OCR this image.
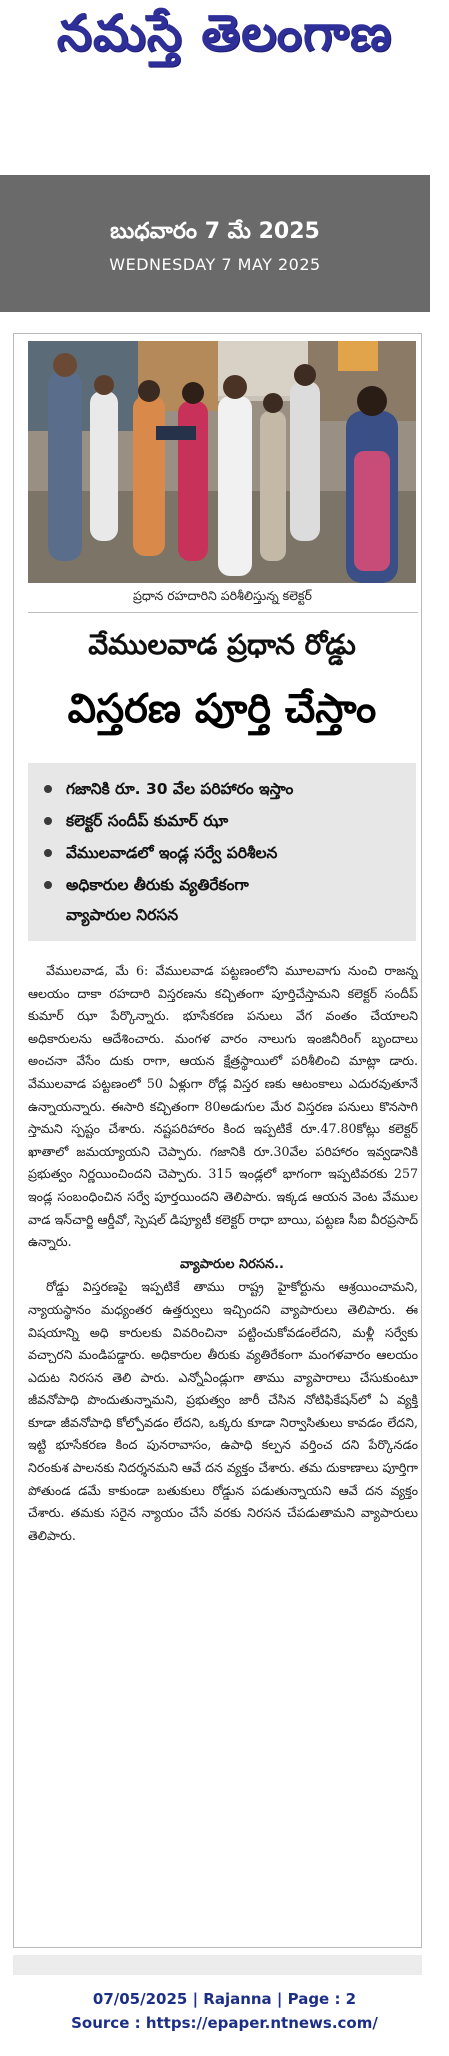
నమస్తే తెలంగాణ
బుధవారం 7 మే 2025
WEDNESDAY 7 MAY 2025
ప్రధాన రహదారిని పరిశీలిస్తున్న కలెక్టర్
వేములవాడ ప్రధాన రోడ్డు
విస్తరణ పూర్తి చేస్తాం
గజానికి రూ. 30 వేల పరిహారం ఇస్తాం
కలెక్టర్ సందీప్ కుమార్ ఝా
వేములవాడలో ఇండ్ల సర్వే పరిశీలన
అధికారుల తీరుకు వ్యతిరేకంగా
వ్యాపారుల నిరసన

వేములవాడ, మే 6: వేములవాడ పట్టణంలోని మూలవాగు నుంచి రాజన్న ఆలయం దాకా రహదారి విస్తరణను కచ్చితంగా పూర్తిచేస్తామని కలెక్టర్ సందీప్ కుమార్ ఝా పేర్కొన్నారు. భూసేకరణ పనులు వేగ వంతం చేయాలని అధికారులను ఆదేశించారు. మంగళ వారం నాలుగు ఇంజినీరింగ్ బృందాలు అంచనా వేసేం దుకు రాగా, ఆయన క్షేత్రస్థాయిలో పరిశీలించి మాట్లా డారు. వేములవాడ పట్టణంలో 50 ఏళ్లుగా రోడ్ల విస్తర ణకు ఆటంకాలు ఎదురవుతూనే ఉన్నాయన్నారు. ఈసారి కచ్చితంగా 80అడుగుల మేర విస్తరణ పనులు కొనసాగి స్తామని స్పష్టం చేశారు. నష్టపరిహారం కింద ఇప్పటికే రూ.47.80కోట్లు కలెక్టర్ ఖాతాలో జమయ్యాయని చెప్పారు. గజానికి రూ.30వేల పరిహారం ఇవ్వడానికి ప్రభుత్వం నిర్ణయించిందని చెప్పారు. 315 ఇండ్లలో భాగంగా ఇప్పటివరకు 257 ఇండ్ల సంబంధించిన సర్వే పూర్తయిందని తెలిపారు. ఇక్కడ ఆయన వెంట వేముల వాడ ఇన్‌చార్జి ఆర్డీవో, స్పెషల్ డిప్యూటీ కలెక్టర్ రాధా బాయి, పట్టణ సీఐ వీరప్రసాద్ ఉన్నారు.

వ్యాపారుల నిరసన..

రోడ్డు విస్తరణపై ఇప్పటికే తాము రాష్ట్ర హైకోర్టును ఆశ్రయించామని, న్యాయస్థానం మధ్యంతర ఉత్తర్వులు ఇచ్చిందని వ్యాపారులు తెలిపారు. ఈ విషయాన్ని అధి కారులకు వివరించినా పట్టించుకోవడంలేదని, మళ్లీ సర్వేకు వచ్చారని మండిపడ్డారు. అధికారుల తీరుకు వ్యతిరేకంగా మంగళవారం ఆలయం ఎదుట నిరసన తెలి పారు. ఎన్నోఏండ్లుగా తాము వ్యాపారాలు చేసుకుంటూ జీవనోపాధి పొందుతున్నామని, ప్రభుత్వం జారీ చేసిన నోటిఫికేషన్‌లో ఏ వ్యక్తి కూడా జీవనోపాధి కోల్పోవడం లేదని, ఒక్కరు కూడా నిర్వాసితులు కావడం లేదని, ఇట్టి భూసేకరణ కింద పునరావాసం, ఉపాధి కల్పన వర్తించ దని పేర్కొనడం నిరంకుశ పాలనకు నిదర్శనమని ఆవే దన వ్యక్తం చేశారు. తమ దుకాణాలు పూర్తిగా పోతుండ డమే కాకుండా బతుకులు రోడ్డున పడుతున్నాయని ఆవే దన వ్యక్తం చేశారు. తమకు సరైన న్యాయం చేసే వరకు నిరసన చేపడుతామని వ్యాపారులు తెలిపారు.

07/05/2025 | Rajanna | Page : 2
Source : https://epaper.ntnews.com/
